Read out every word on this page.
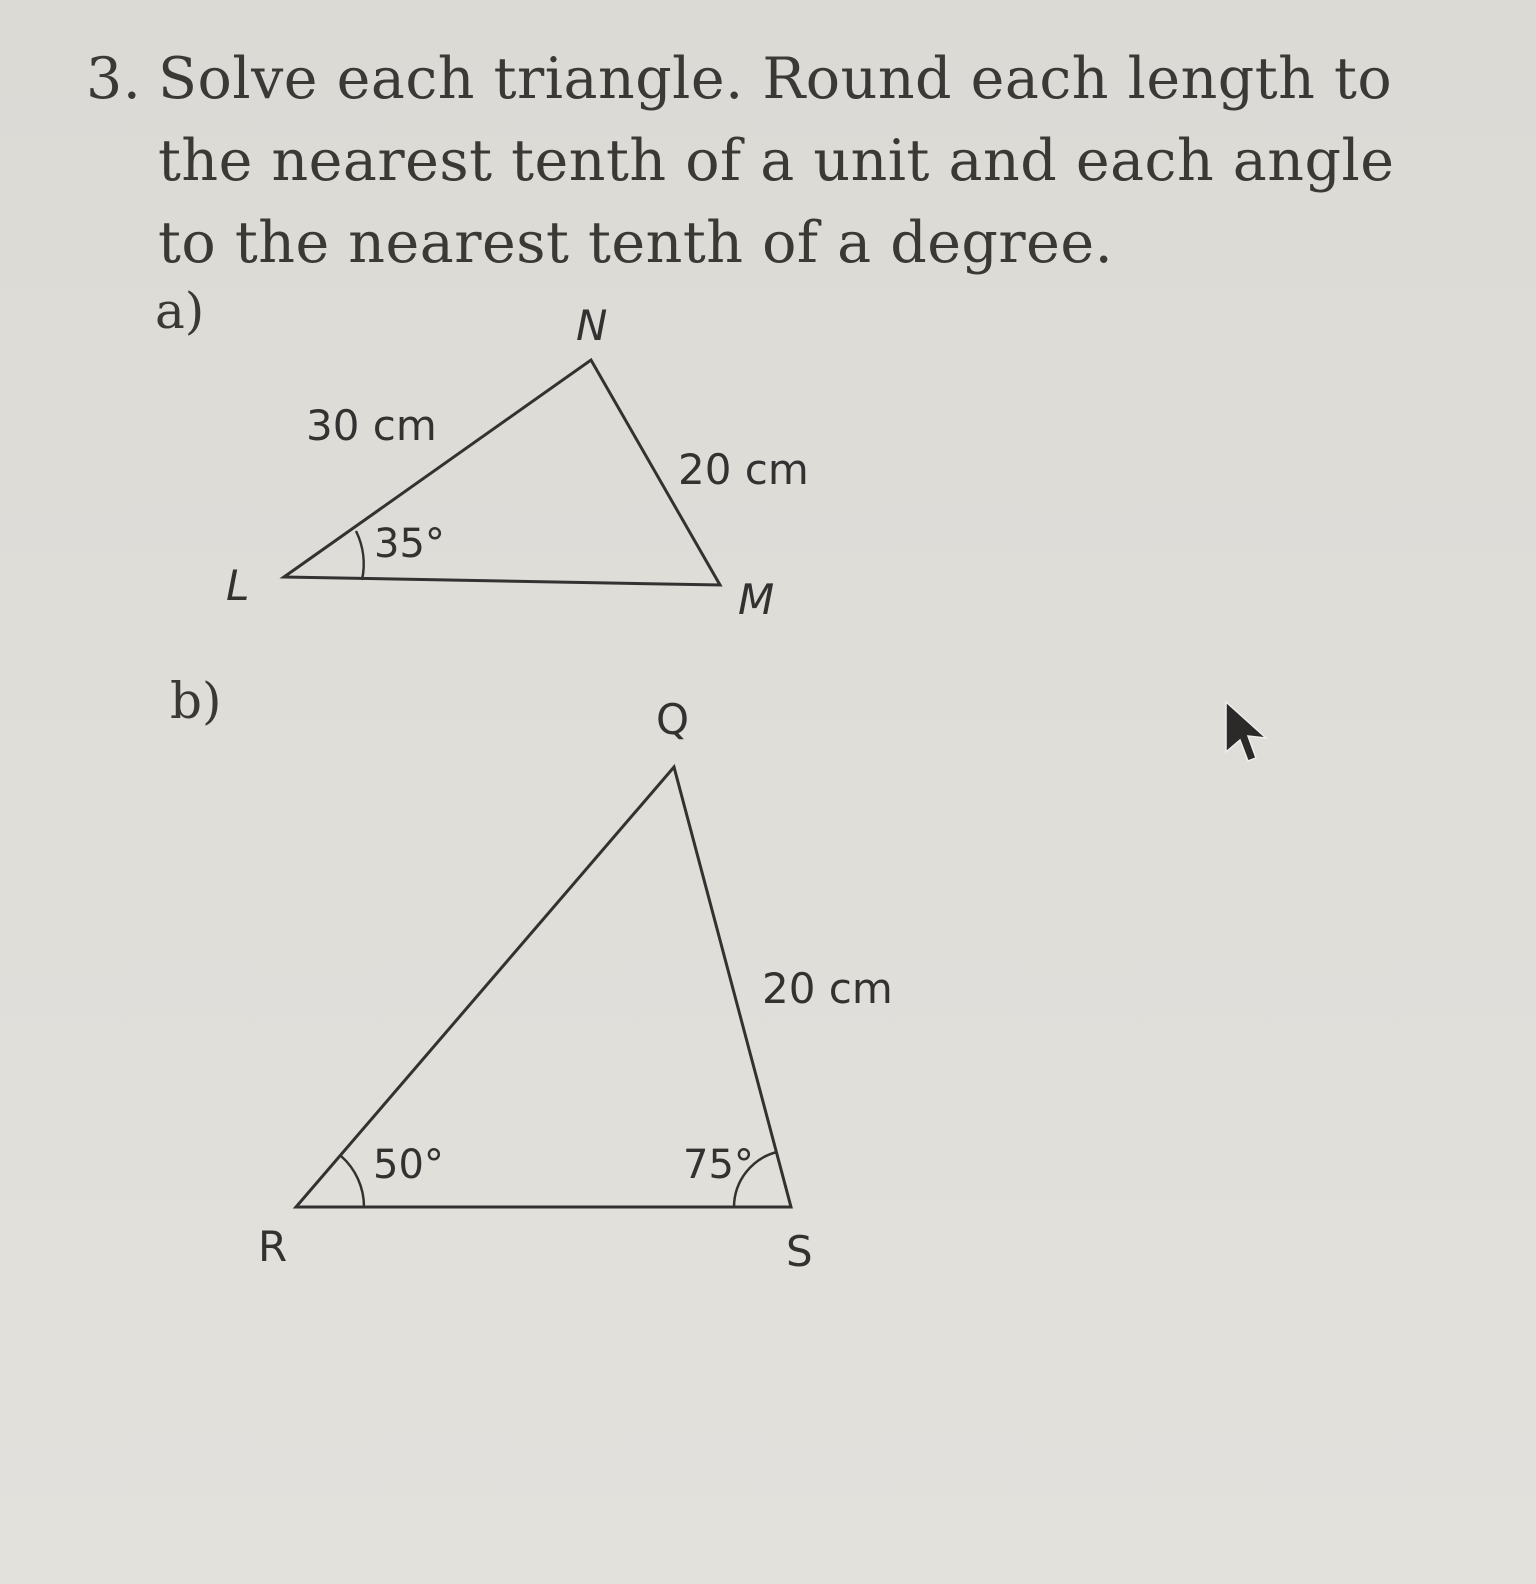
3. Solve each triangle. Round each length to the nearest tenth of a unit and each angle to the nearest tenth of a degree.
a)
b)
L	M
N
30 cm
20 cm
35°
R	S
Q
20 cm
50°	75°
